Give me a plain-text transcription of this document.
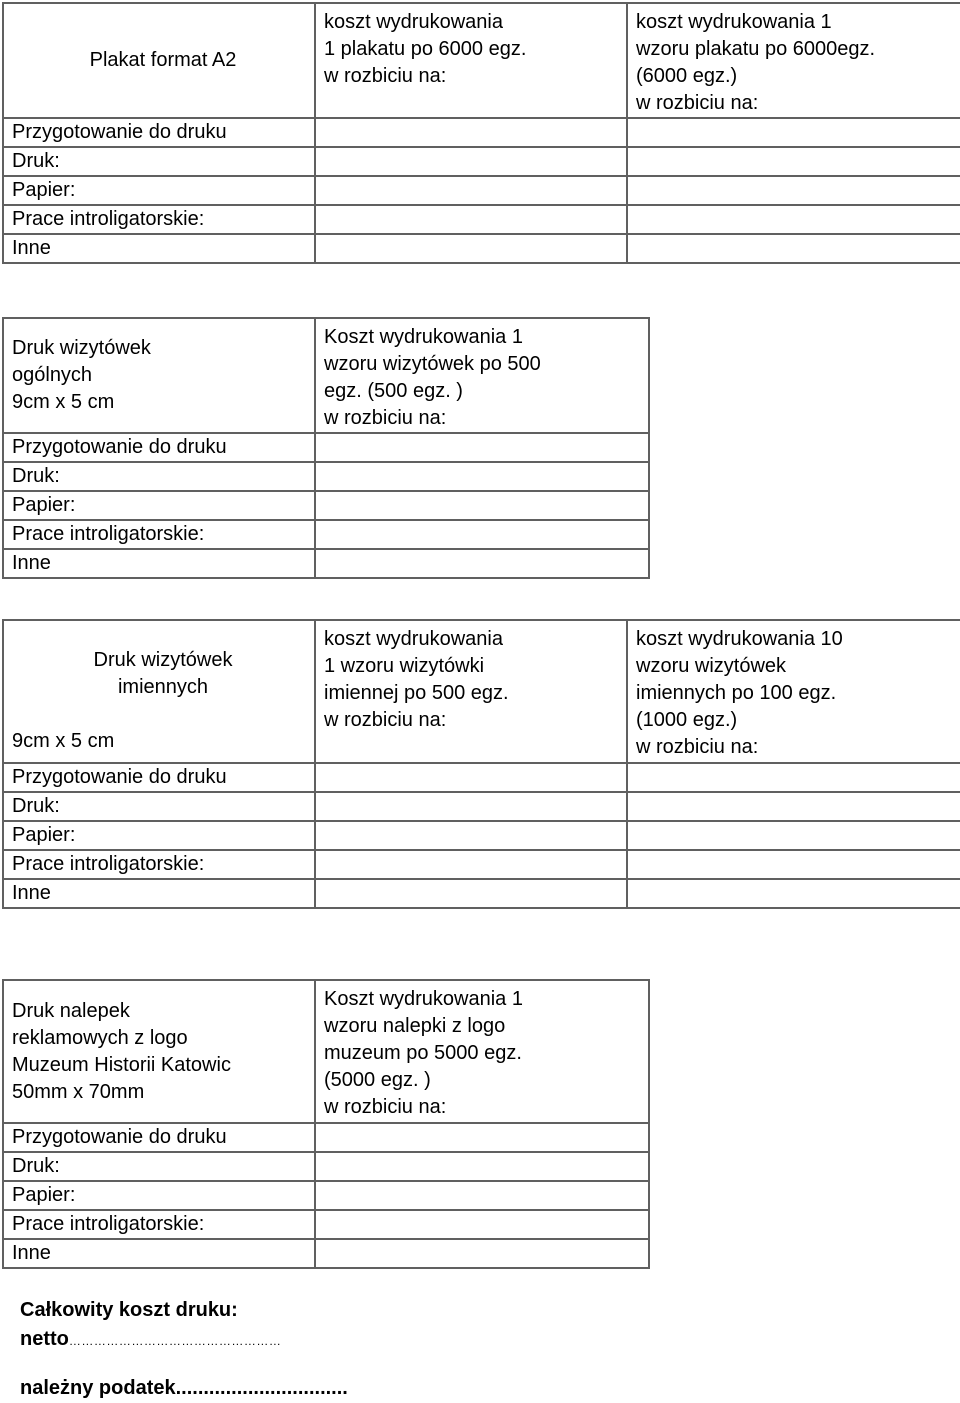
Plakat format A2	koszt wydrukowania
1 plakatu po 6000 egz.
w rozbiciu na:	koszt wydrukowania 1
wzoru plakatu po 6000egz.
(6000 egz.)
w rozbiciu na:

Przygotowanie do druku		
Druk:		
Papier:		
Prace introligatorskie:		
Inne		
Druk wizytówek
ogólnych
9cm x 5 cm	Koszt wydrukowania 1
wzoru wizytówek po 500
egz. (500 egz. )
w rozbiciu na:

Przygotowanie do druku	
Druk:	
Papier:	
Prace introligatorskie:	
Inne	
Druk wizytówek
imiennych
9cm x 5 cm	koszt wydrukowania
1 wzoru wizytówki
imiennej po 500 egz.
w rozbiciu na:	koszt wydrukowania 10
wzoru wizytówek
imiennych po 100 egz.
(1000 egz.)
w rozbiciu na:

Przygotowanie do druku		
Druk:		
Papier:		
Prace introligatorskie:		
Inne		
Druk nalepek
reklamowych z logo
Muzeum Historii Katowic
50mm x 70mm	Koszt wydrukowania 1
wzoru nalepki z logo
muzeum po 5000 egz.
(5000 egz. )
w rozbiciu na:

Przygotowanie do druku	
Druk:	
Papier:	
Prace introligatorskie:	
Inne	
Całkowity koszt druku:
netto……………………………………………
należny podatek...............................
